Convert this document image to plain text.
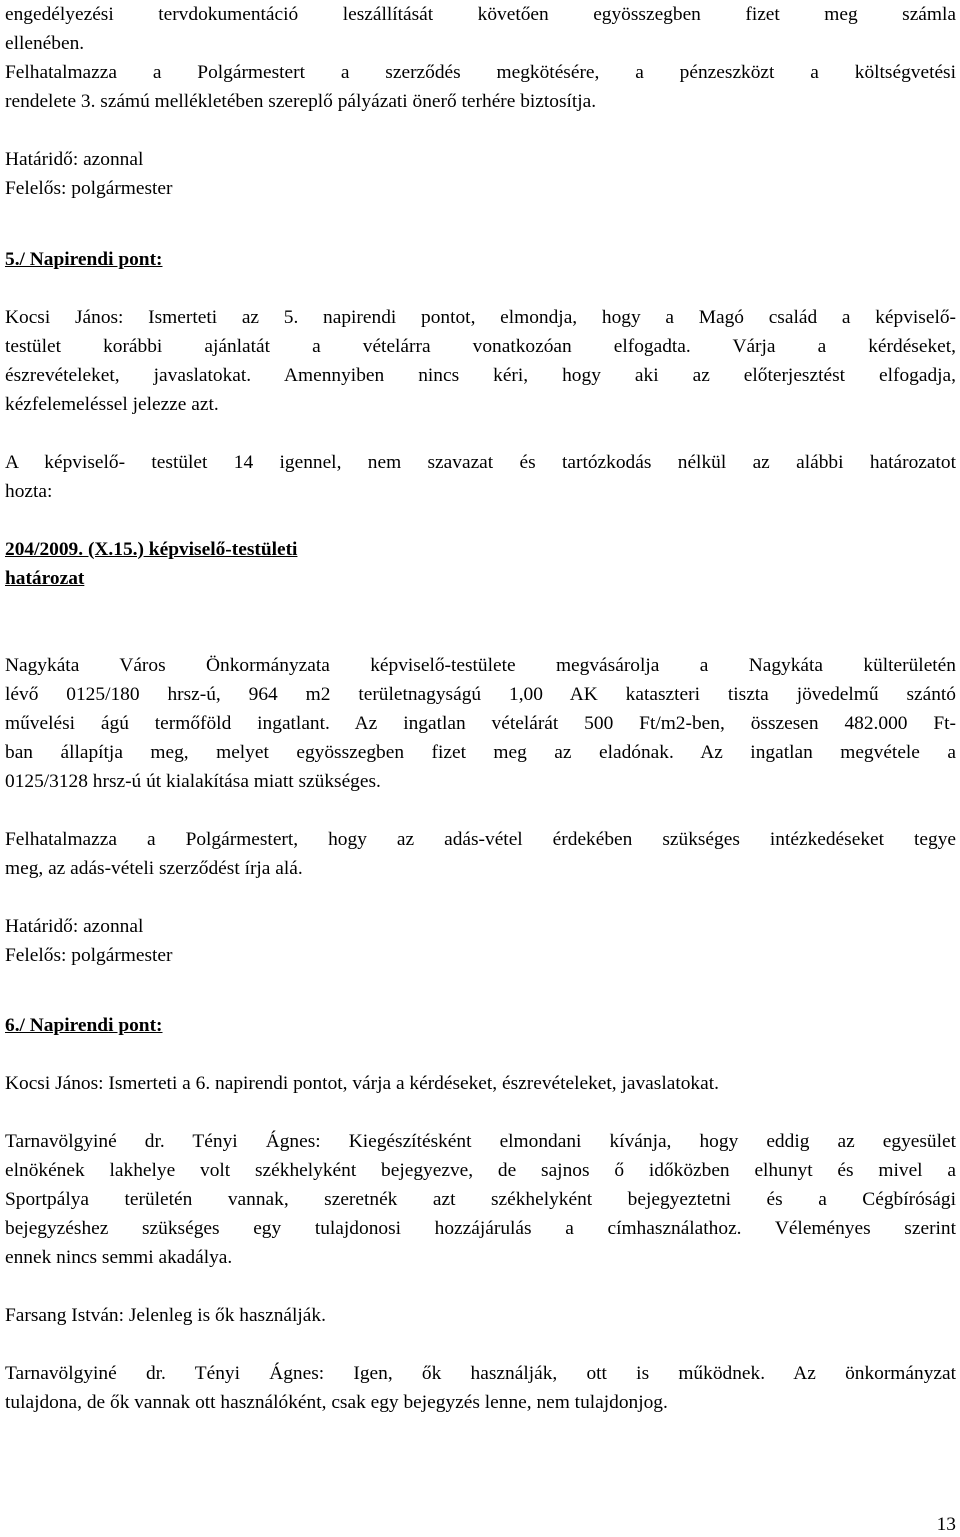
engedélyezési tervdokumentáció leszállítását követően egyösszegben fizet meg számla

ellenében.

Felhatalmazza a Polgármestert a szerződés megkötésére, a pénzeszközt a költségvetési

rendelete 3. számú mellékletében szereplő pályázati önerő terhére biztosítja.

Határidő: azonnal

Felelős: polgármester

5./ Napirendi pont:

Kocsi János: Ismerteti az 5. napirendi pontot, elmondja, hogy a Magó család a képviselő-

testület korábbi ajánlatát a vételárra vonatkozóan elfogadta. Várja a kérdéseket,

észrevételeket, javaslatokat. Amennyiben nincs kéri, hogy aki az előterjesztést elfogadja,

kézfelemeléssel jelezze azt.

A képviselő- testület 14 igennel, nem szavazat és tartózkodás nélkül az alábbi határozatot

hozta:

204/2009. (X.15.) képviselő-testületi

határozat

Nagykáta Város Önkormányzata képviselő-testülete megvásárolja a Nagykáta külterületén

lévő 0125/180 hrsz-ú, 964 m2 területnagyságú 1,00 AK kataszteri tiszta jövedelmű szántó

művelési ágú termőföld ingatlant. Az ingatlan vételárát 500 Ft/m2-ben, összesen 482.000 Ft-

ban állapítja meg, melyet egyösszegben fizet meg az eladónak. Az ingatlan megvétele a

0125/3128 hrsz-ú út kialakítása miatt szükséges.

Felhatalmazza a Polgármestert, hogy az adás-vétel érdekében szükséges intézkedéseket tegye

meg, az adás-vételi szerződést írja alá.

Határidő: azonnal

Felelős: polgármester

6./ Napirendi pont:

Kocsi János: Ismerteti a 6. napirendi pontot, várja a kérdéseket, észrevételeket, javaslatokat.

Tarnavölgyiné dr. Tényi Ágnes: Kiegészítésként elmondani kívánja, hogy eddig az egyesület

elnökének lakhelye volt székhelyként bejegyezve, de sajnos ő időközben elhunyt és mivel a

Sportpálya területén vannak, szeretnék azt székhelyként bejegyeztetni és a Cégbírósági

bejegyzéshez szükséges egy tulajdonosi hozzájárulás a címhasználathoz. Véleményes szerint

ennek nincs semmi akadálya.

Farsang István: Jelenleg is ők használják.

Tarnavölgyiné dr. Tényi Ágnes: Igen, ők használják, ott is működnek. Az önkormányzat

tulajdona, de ők vannak ott használóként, csak egy bejegyzés lenne, nem tulajdonjog.

13
